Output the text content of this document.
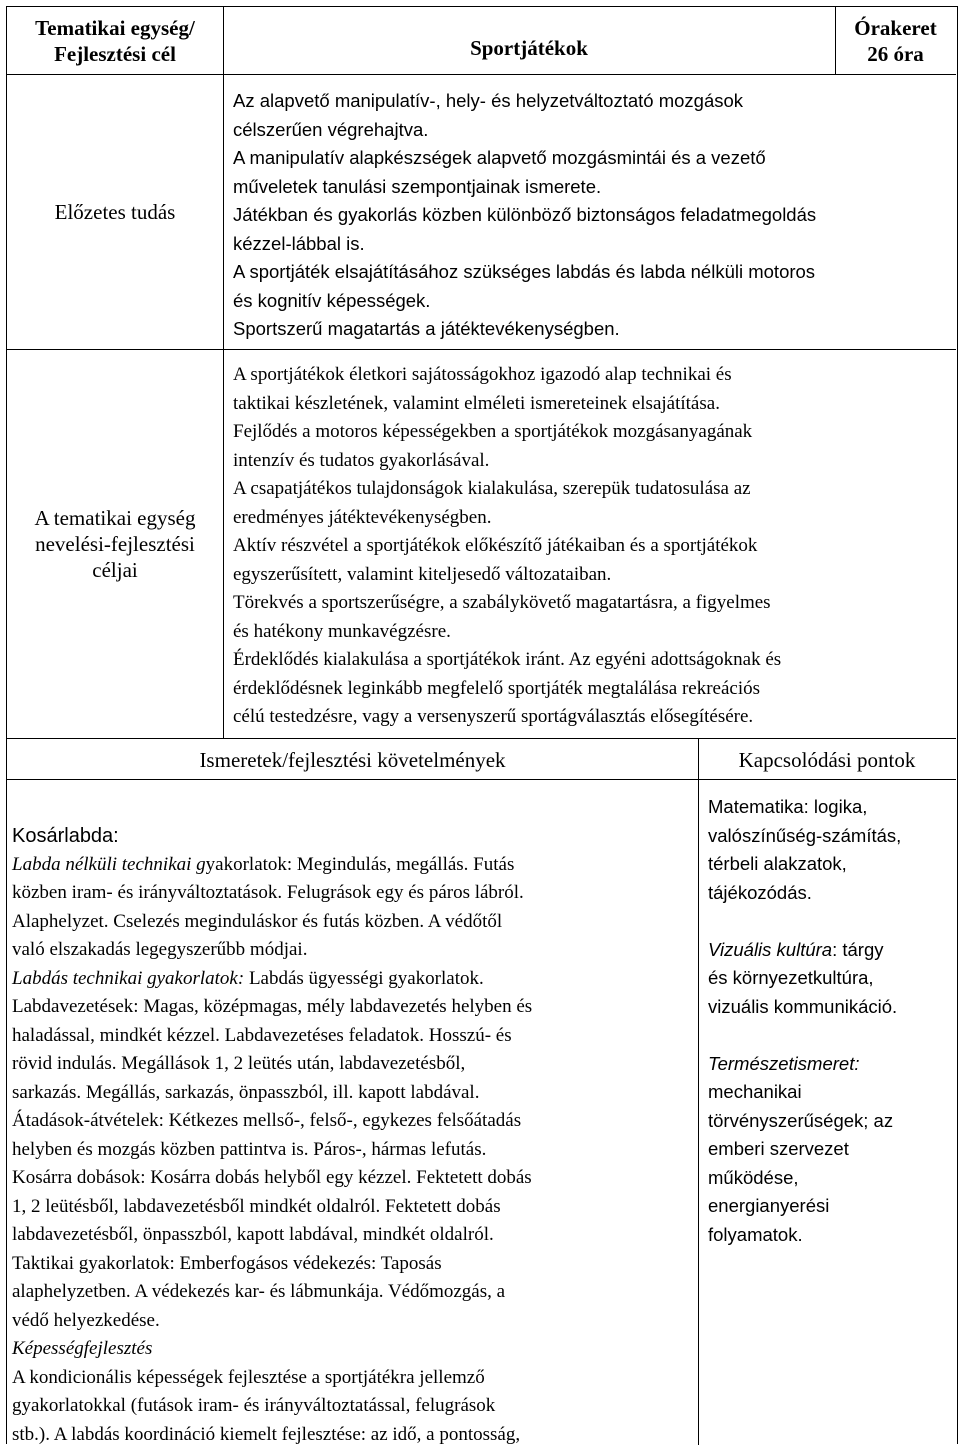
Tematikai egység/
Fejlesztési cél	Sportjátékok
Órakeret
26 óra
Előzetes tudás
Az alapvető manipulatív-, hely- és helyzetváltoztató mozgások
célszerűen végrehajtva.
A manipulatív alapkészségek alapvető mozgásmintái és a vezető
műveletek tanulási szempontjainak ismerete.
Játékban és gyakorlás közben különböző biztonságos feladatmegoldás
kézzel-lábbal is.
A sportjáték elsajátításához szükséges labdás és labda nélküli motoros
és kognitív képességek.
Sportszerű magatartás a játéktevékenységben.
A tematikai egység
nevelési-fejlesztési
céljai
A sportjátékok életkori sajátosságokhoz igazodó alap technikai és
taktikai készletének, valamint elméleti ismereteinek elsajátítása.
Fejlődés a motoros képességekben a sportjátékok mozgásanyagának
intenzív és tudatos gyakorlásával.
A csapatjátékos tulajdonságok kialakulása, szerepük tudatosulása az
eredményes játéktevékenységben.
Aktív részvétel a sportjátékok előkészítő játékaiban és a sportjátékok
egyszerűsített, valamint kiteljesedő változataiban.
Törekvés a sportszerűségre, a szabálykövető magatartásra, a figyelmes
és hatékony munkavégzésre.
Érdeklődés kialakulása a sportjátékok iránt. Az egyéni adottságoknak és
érdeklődésnek leginkább megfelelő sportjáték megtalálása rekreációs
célú testedzésre, vagy a versenyszerű sportágválasztás elősegítésére.
Ismeretek/fejlesztési követelmények	Kapcsolódási pontok
Kosárlabda:
Labda nélküli technikai gyakorlatok: Megindulás, megállás. Futás
közben iram- és irányváltoztatások. Felugrások egy és páros lábról.
Alaphelyzet. Cselezés meginduláskor és futás közben. A védőtől
való elszakadás legegyszerűbb módjai.
Labdás technikai gyakorlatok: Labdás ügyességi gyakorlatok.
Labdavezetések: Magas, középmagas, mély labdavezetés helyben és
haladással, mindkét kézzel. Labdavezetéses feladatok. Hosszú- és
rövid indulás. Megállások 1, 2 leütés után, labdavezetésből,
sarkazás. Megállás, sarkazás, önpasszból, ill. kapott labdával.
Átadások-átvételek: Kétkezes mellső-, felső-, egykezes felsőátadás
helyben és mozgás közben pattintva is. Páros-, hármas lefutás.
Kosárra dobások: Kosárra dobás helyből egy kézzel. Fektetett dobás
1, 2 leütésből, labdavezetésből mindkét oldalról. Fektetett dobás
labdavezetésből, önpasszból, kapott labdával, mindkét oldalról.
Taktikai gyakorlatok: Emberfogásos védekezés: Taposás
alaphelyzetben. A védekezés kar- és lábmunkája. Védőmozgás, a
védő helyezkedése.
Képességfejlesztés
A kondicionális képességek fejlesztése a sportjátékra jellemző
gyakorlatokkal (futások iram- és irányváltoztatással, felugrások
stb.). A labdás koordináció kiemelt fejlesztése: az idő, a pontosság,
Matematika: logika,
valószínűség-számítás,
térbeli alakzatok,
tájékozódás.
Vizuális kultúra: tárgy
és környezetkultúra,
vizuális kommunikáció.
Természetismeret:
mechanikai
törvényszerűségek; az
emberi szervezet
működése,
energianyerési
folyamatok.
